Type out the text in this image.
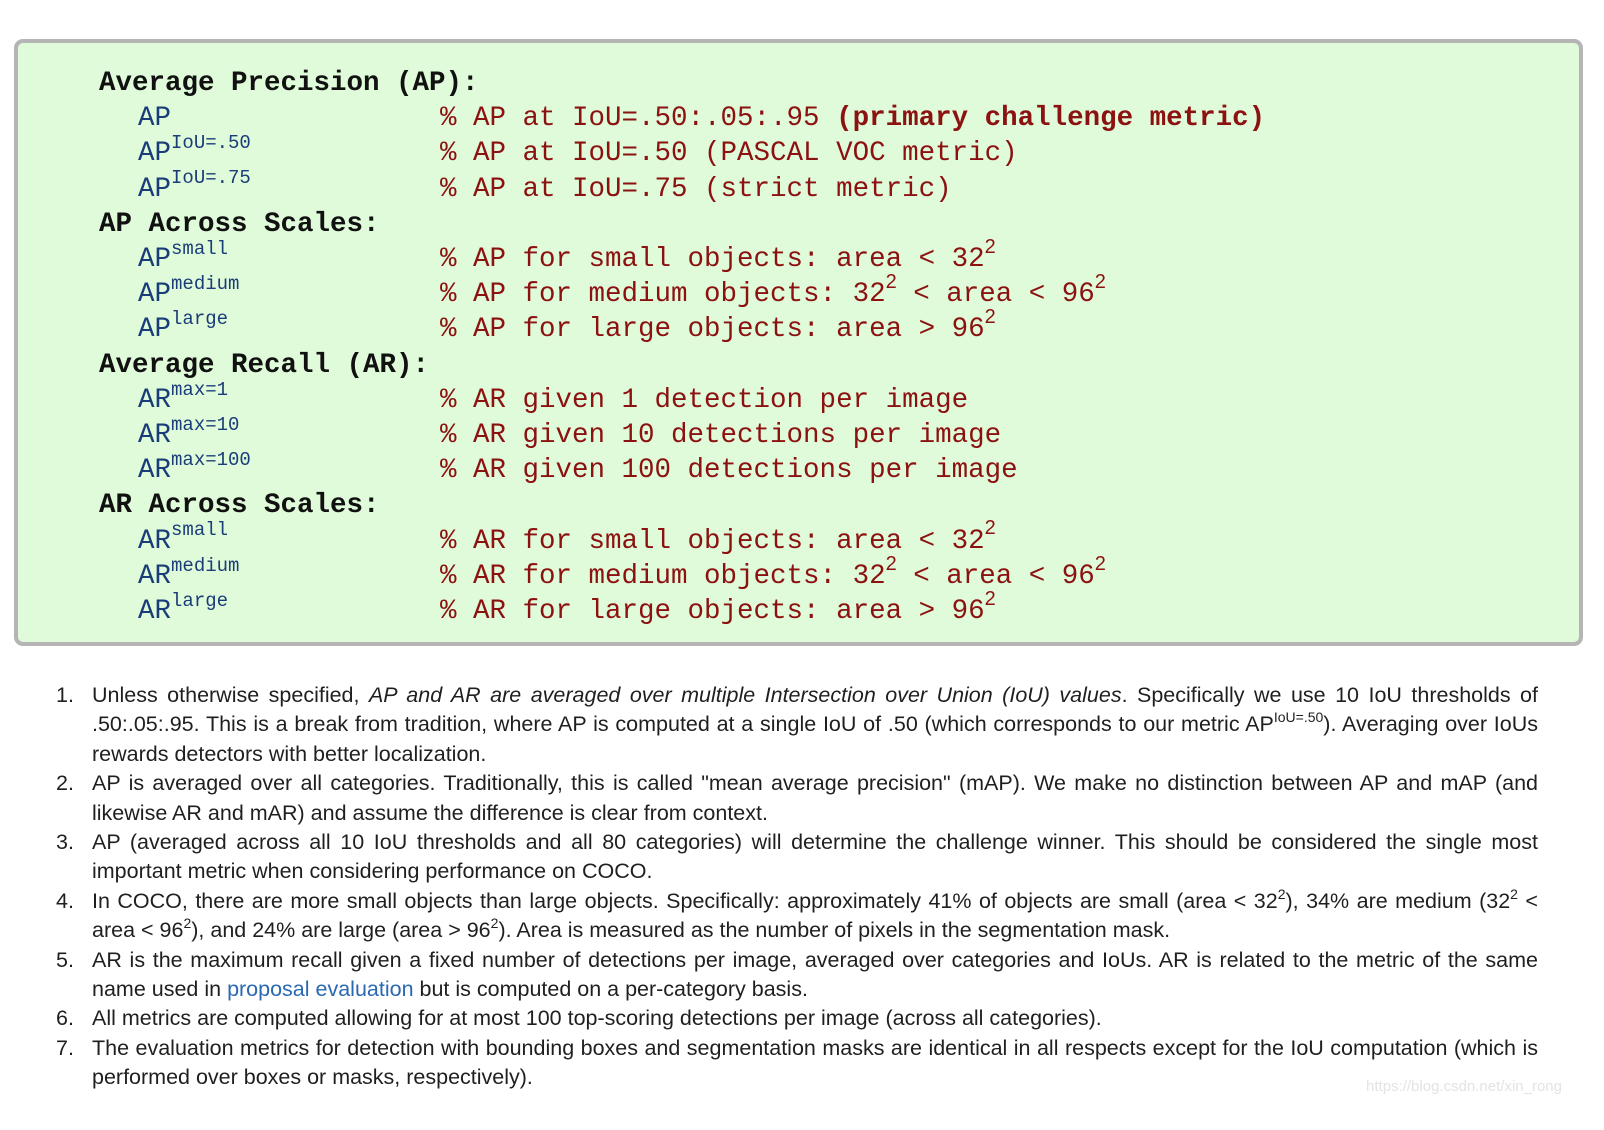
Average Precision (AP):
AP	% AP at IoU=.50:.05:.95 (primary challenge metric)
$AP^{IoU=.50}$	% AP at IoU=.50 (PASCAL VOC metric)
$AP^{IoU=.75}$	% AP at IoU=.75 (strict metric)
AP Across Scales:
$AP^{small}$	% AP for small objects: area < $32^2$
$AP^{medium}$	% AP for medium objects: $32^2$ < area < $96^2$
$AP^{large}$	% AP for large objects: area > $96^2$
Average Recall (AR):
$AR^{max=1}$	% AR given 1 detection per image
$AR^{max=10}$	% AR given 10 detections per image
$AR^{max=100}$	% AR given 100 detections per image
AR Across Scales:
$AR^{small}$	% AR for small objects: area < $32^2$
$AR^{medium}$	% AR for medium objects: $32^2$ < area < $96^2$
$AR^{large}$	% AR for large objects: area > $96^2$
1. Unless otherwise specified, AP and AR are averaged over multiple Intersection over Union (IoU) values. Specifically we use 10 IoU thresholds of .50:.05:.95. This is a break from tradition, where AP is computed at a single IoU of .50 (which corresponds to our metric $AP^{IoU=.50}$). Averaging over IoUs rewards detectors with better localization.
2. AP is averaged over all categories. Traditionally, this is called "mean average precision" (mAP). We make no distinction between AP and mAP (and likewise AR and mAR) and assume the difference is clear from context.
3. AP (averaged across all 10 IoU thresholds and all 80 categories) will determine the challenge winner. This should be considered the single most important metric when considering performance on COCO.
4. In COCO, there are more small objects than large objects. Specifically: approximately 41% of objects are small (area < $32^2$), 34% are medium ($32^2$ < area < $96^2$), and 24% are large (area > $96^2$). Area is measured as the number of pixels in the segmentation mask.
5. AR is the maximum recall given a fixed number of detections per image, averaged over categories and IoUs. AR is related to the metric of the same name used in proposal evaluation but is computed on a per-category basis.
6. All metrics are computed allowing for at most 100 top-scoring detections per image (across all categories).
7. The evaluation metrics for detection with bounding boxes and segmentation masks are identical in all respects except for the IoU computation (which is performed over boxes or masks, respectively).	https://blog.csdn.net/xin_rong
